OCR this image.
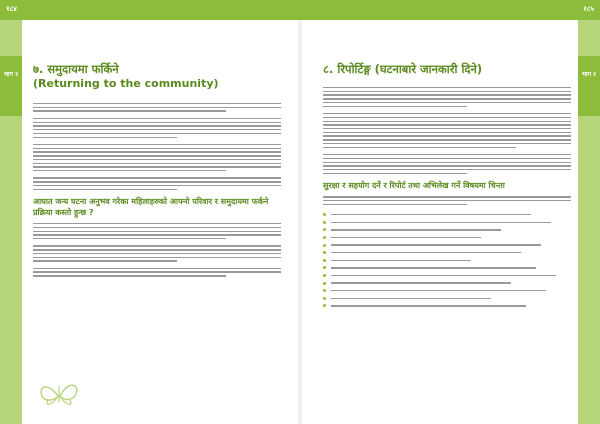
१८४	१८५
भाग २	भाग २
७. समुदायमा फर्किने
(Returning to the community)
आघात जन्य घटना अनुभव गरेका महिलाहरुको आफ्नो परिवार र समुदायमा फर्कने प्रक्रिया कस्तो हुन्छ ?
८. रिपोर्टिङ्ग (घटनाबारे जानकारी दिने)
सुरक्षा र सहयोग दर्ने र रिपोर्ट तथा अभिलेख गर्ने विषयमा चिन्ता
